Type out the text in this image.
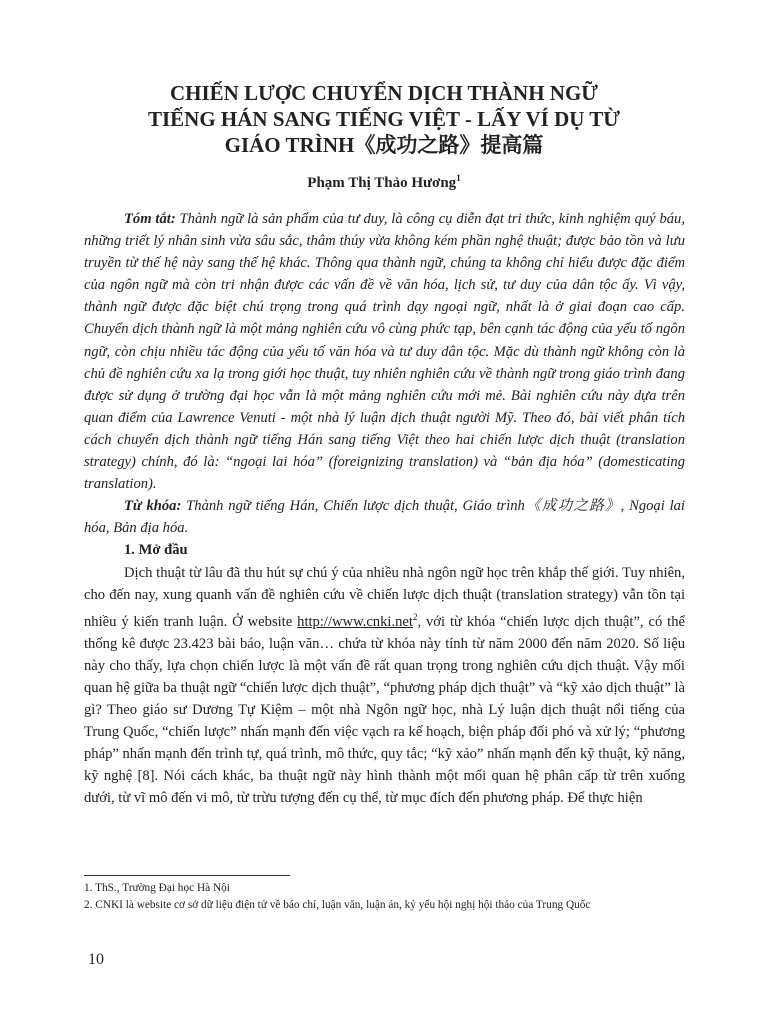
CHIẾN LƯỢC CHUYỂN DỊCH THÀNH NGỮ
TIẾNG HÁN SANG TIẾNG VIỆT - LẤY VÍ DỤ TỪ
GIÁO TRÌNH《成功之路》提高篇
Phạm Thị Thảo Hương$^1$

Tóm tắt: Thành ngữ là sản phẩm của tư duy, là công cụ diễn đạt tri thức, kinh nghiệm quý báu, những triết lý nhân sinh vừa sâu sắc, thâm thúy vừa không kém phần nghệ thuật; được bảo tồn và lưu truyền từ thế hệ này sang thế hệ khác. Thông qua thành ngữ, chúng ta không chỉ hiểu được đặc điểm của ngôn ngữ mà còn tri nhận được các vấn đề về văn hóa, lịch sử, tư duy của dân tộc ấy. Vì vậy, thành ngữ được đặc biệt chú trọng trong quá trình dạy ngoại ngữ, nhất là ở giai đoạn cao cấp. Chuyển dịch thành ngữ là một mảng nghiên cứu vô cùng phức tạp, bên cạnh tác động của yếu tố ngôn ngữ, còn chịu nhiều tác động của yếu tố văn hóa và tư duy dân tộc. Mặc dù thành ngữ không còn là chủ đề nghiên cứu xa lạ trong giới học thuật, tuy nhiên nghiên cứu về thành ngữ trong giáo trình đang được sử dụng ở trường đại học vẫn là một mảng nghiên cứu mới mẻ. Bài nghiên cứu này dựa trên quan điểm của Lawrence Venuti - một nhà lý luận dịch thuật người Mỹ. Theo đó, bài viết phân tích cách chuyển dịch thành ngữ tiếng Hán sang tiếng Việt theo hai chiến lược dịch thuật (translation strategy) chính, đó là: “ngoại lai hóa” (foreignizing translation) và “bản địa hóa” (domesticating translation).

Từ khóa: Thành ngữ tiếng Hán, Chiến lược dịch thuật, Giáo trình《成功之路》, Ngoại lai hóa, Bản địa hóa.

1. Mở đầu

Dịch thuật từ lâu đã thu hút sự chú ý của nhiều nhà ngôn ngữ học trên khắp thế giới. Tuy nhiên, cho đến nay, xung quanh vấn đề nghiên cứu về chiến lược dịch thuật (translation strategy) vẫn tồn tại nhiều ý kiến tranh luận. Ở website http://www.cnki.net$^2$, với từ khóa “chiến lược dịch thuật”, có thể thống kê được 23.423 bài báo, luận văn… chứa từ khóa này tính từ năm 2000 đến năm 2020. Số liệu này cho thấy, lựa chọn chiến lược là một vấn đề rất quan trọng trong nghiên cứu dịch thuật. Vậy mối quan hệ giữa ba thuật ngữ “chiến lược dịch thuật”, “phương pháp dịch thuật” và “kỹ xảo dịch thuật” là gì? Theo giáo sư Dương Tự Kiệm – một nhà Ngôn ngữ học, nhà Lý luận dịch thuật nổi tiếng của Trung Quốc, “chiến lược” nhấn mạnh đến việc vạch ra kế hoạch, biện pháp đối phó và xử lý; “phương pháp” nhấn mạnh đến trình tự, quá trình, mô thức, quy tắc; “kỹ xảo” nhấn mạnh đến kỹ thuật, kỹ năng, kỹ nghệ [8]. Nói cách khác, ba thuật ngữ này hình thành một mối quan hệ phân cấp từ trên xuống dưới, từ vĩ mô đến vi mô, từ trừu tượng đến cụ thể, từ mục đích đến phương pháp. Để thực hiện

1. ThS., Trường Đại học Hà Nội
2. CNKI là website cơ sở dữ liệu điện tử về báo chí, luận văn, luận án, kỷ yếu hội nghị hội thảo của Trung Quốc
10
